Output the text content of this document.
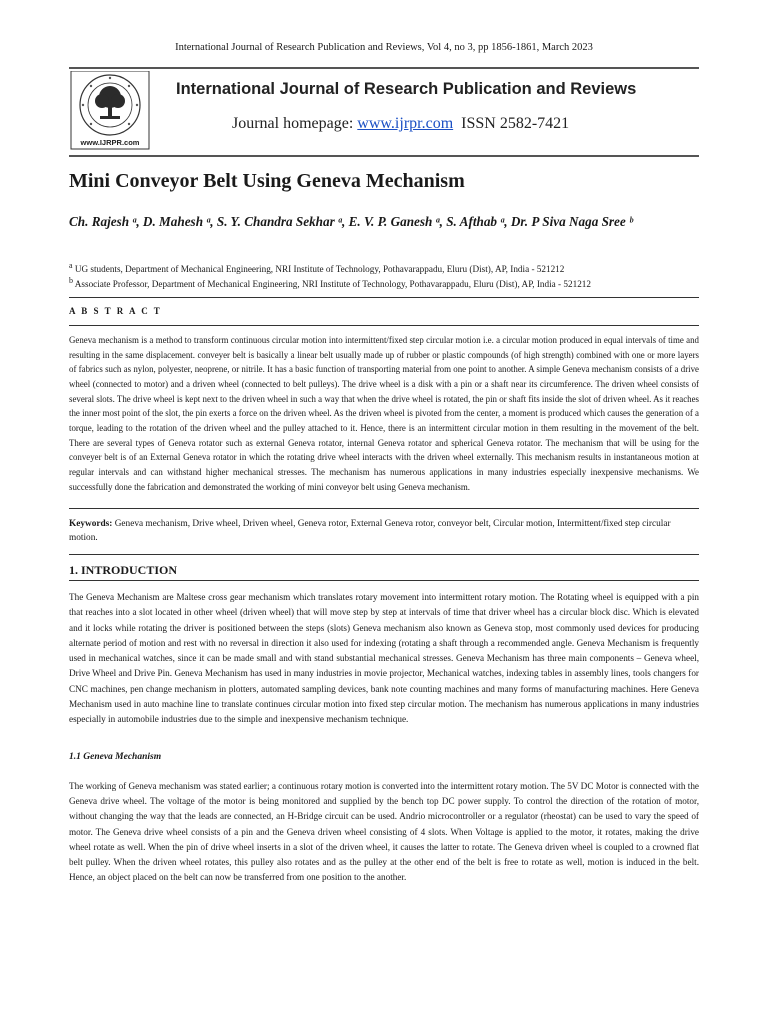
International Journal of Research Publication and Reviews, Vol 4, no 3, pp 1856-1861, March 2023
www.IJRPR.com
International Journal of Research Publication and Reviews
Journal homepage: www.ijrpr.com ISSN 2582-7421
Mini Conveyor Belt Using Geneva Mechanism

Ch. Rajesh ᵃ, D. Mahesh ᵃ, S. Y. Chandra Sekhar ᵃ, E. V. P. Ganesh ᵃ, S. Afthab ᵃ, Dr. P Siva Naga Sree ᵇ

$^a$ UG students, Department of Mechanical Engineering, NRI Institute of Technology, Pothavarappadu, Eluru (Dist), AP, India - 521212

$^b$ Associate Professor, Department of Mechanical Engineering, NRI Institute of Technology, Pothavarappadu, Eluru (Dist), AP, India - 521212

A B S T R A C T

Geneva mechanism is a method to transform continuous circular motion into intermittent/fixed step circular motion i.e. a circular motion produced in equal intervals of time and resulting in the same displacement. conveyer belt is basically a linear belt usually made up of rubber or plastic compounds (of high strength) combined with one or more layers of fabrics such as nylon, polyester, neoprene, or nitrile. It has a basic function of transporting material from one point to another. A simple Geneva mechanism consists of a drive wheel (connected to motor) and a driven wheel (connected to belt pulleys). The drive wheel is a disk with a pin or a shaft near its circumference. The driven wheel consists of several slots. The drive wheel is kept next to the driven wheel in such a way that when the drive wheel is rotated, the pin or shaft fits inside the slot of driven wheel. As it reaches the inner most point of the slot, the pin exerts a force on the driven wheel. As the driven wheel is pivoted from the center, a moment is produced which causes the generation of a torque, leading to the rotation of the driven wheel and the pulley attached to it. Hence, there is an intermittent circular motion in them resulting in the movement of the belt. There are several types of Geneva rotator such as external Geneva rotator, internal Geneva rotator and spherical Geneva rotator. The mechanism that will be using for the conveyer belt is of an External Geneva rotator in which the rotating drive wheel interacts with the driven wheel externally. This mechanism results in instantaneous motion at regular intervals and can withstand higher mechanical stresses. The mechanism has numerous applications in many industries especially inexpensive mechanisms. We successfully done the fabrication and demonstrated the working of mini conveyor belt using Geneva mechanism.

Keywords: Geneva mechanism, Drive wheel, Driven wheel, Geneva rotor, External Geneva rotor, conveyor belt, Circular motion, Intermittent/fixed step circular motion.

1. INTRODUCTION

The Geneva Mechanism are Maltese cross gear mechanism which translates rotary movement into intermittent rotary motion. The Rotating wheel is equipped with a pin that reaches into a slot located in other wheel (driven wheel) that will move step by step at intervals of time that driver wheel has a circular block disc. Which is elevated and it locks while rotating the driver is positioned between the steps (slots) Geneva mechanism also known as Geneva stop, most commonly used devices for producing alternate period of motion and rest with no reversal in direction it also used for indexing (rotating a shaft through a recommended angle. Geneva Mechanism is frequently used in mechanical watches, since it can be made small and with stand substantial mechanical stresses. Geneva Mechanism has three main components – Geneva wheel, Drive Wheel and Drive Pin. Geneva Mechanism has used in many industries in movie projector, Mechanical watches, indexing tables in assembly lines, tools changers for CNC machines, pen change mechanism in plotters, automated sampling devices, bank note counting machines and many forms of manufacturing machines. Here Geneva Mechanism used in auto machine line to translate continues circular motion into fixed step circular motion. The mechanism has numerous applications in many industries especially in automobile industries due to the simple and inexpensive mechanism technique.

1.1 Geneva Mechanism

The working of Geneva mechanism was stated earlier; a continuous rotary motion is converted into the intermittent rotary motion. The 5V DC Motor is connected with the Geneva drive wheel. The voltage of the motor is being monitored and supplied by the bench top DC power supply. To control the direction of the rotation of motor, without changing the way that the leads are connected, an H-Bridge circuit can be used. Andrio microcontroller or a regulator (rheostat) can be used to vary the speed of motor. The Geneva drive wheel consists of a pin and the Geneva driven wheel consisting of 4 slots. When Voltage is applied to the motor, it rotates, making the drive wheel rotate as well. When the pin of drive wheel inserts in a slot of the driven wheel, it causes the latter to rotate. The Geneva driven wheel is coupled to a crowned flat belt pulley. When the driven wheel rotates, this pulley also rotates and as the pulley at the other end of the belt is free to rotate as well, motion is induced in the belt. Hence, an object placed on the belt can now be transferred from one position to the another.
